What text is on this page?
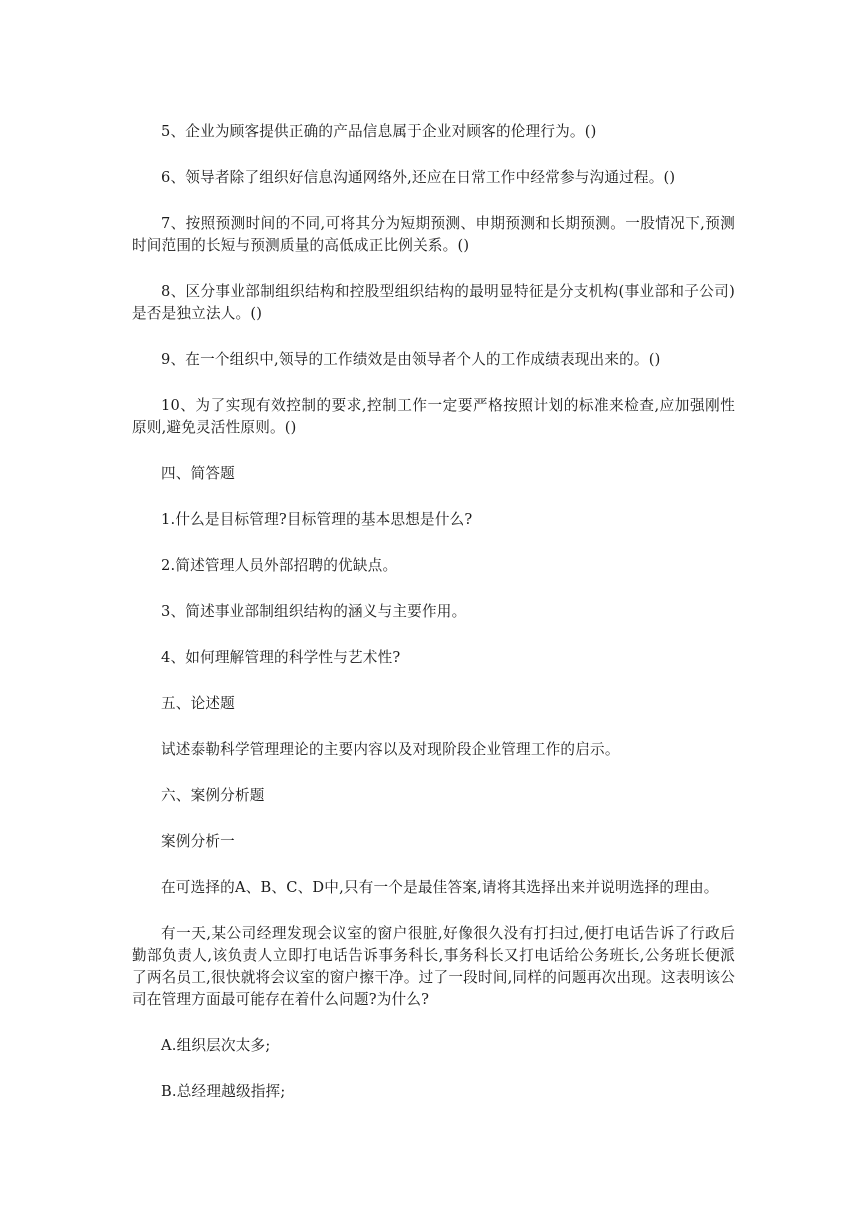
5、企业为顾客提供正确的产品信息属于企业对顾客的伦理行为。()

6、领导者除了组织好信息沟通网络外,还应在日常工作中经常参与沟通过程。()

7、按照预测时间的不同,可将其分为短期预测、申期预测和长期预测。一股情况下,预测时间范围的长短与预测质量的高低成正比例关系。()

8、区分事业部制组织结构和控股型组织结构的最明显特征是分支机构(事业部和子公司)是否是独立法人。()

9、在一个组织中,领导的工作绩效是由领导者个人的工作成绩表现出来的。()

10、为了实现有效控制的要求,控制工作一定要严格按照计划的标准来检查,应加强刚性原则,避免灵活性原则。()

四、简答题

1.什么是目标管理?目标管理的基本思想是什么?

2.简述管理人员外部招聘的优缺点。

3、简述事业部制组织结构的涵义与主要作用。

4、如何理解管理的科学性与艺术性?

五、论述题

试述泰勒科学管理理论的主要内容以及对现阶段企业管理工作的启示。

六、案例分析题

案例分析一

在可选择的A、B、C、D中,只有一个是最佳答案,请将其选择出来并说明选择的理由。

有一天,某公司经理发现会议室的窗户很脏,好像很久没有打扫过,便打电话告诉了行政后勤部负责人,该负责人立即打电话告诉事务科长,事务科长又打电话给公务班长,公务班长便派了两名员工,很快就将会议室的窗户擦干净。过了一段时间,同样的问题再次出现。这表明该公司在管理方面最可能存在着什么问题?为什么?

A.组织层次太多;

B.总经理越级指挥;
